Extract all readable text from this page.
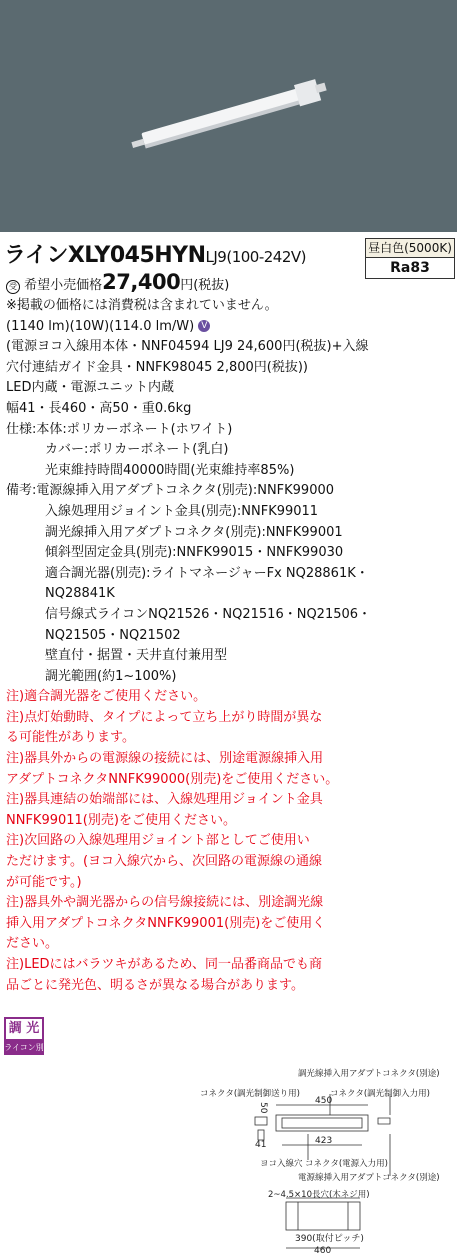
ラインXLY045HYNLJ9(100-242V)	昼白色(5000K)
Ra83
受 希望小売価格27,400円(税抜)
※掲載の価格には消費税は含まれていません。
(1140 lm)(10W)(114.0 lm/W) V
(電源ヨコ入線用本体・NNF04594 LJ9 24,600円(税抜)+入線
穴付連結ガイド金具・NNFK98045 2,800円(税抜))
LED内蔵・電源ユニット内蔵
幅41・長460・高50・重0.6kg
仕様:本体:ポリカーボネート(ホワイト)
　　　カバー:ポリカーボネート(乳白)
　　　光束維持時間40000時間(光束維持率85%)
備考:電源線挿入用アダプトコネクタ(別売):NNFK99000
　　　入線処理用ジョイント金具(別売):NNFK99011
　　　調光線挿入用アダプトコネクタ(別売):NNFK99001
　　　傾斜型固定金具(別売):NNFK99015・NNFK99030
　　　適合調光器(別売):ライトマネージャーFx NQ28861K・
　　　NQ28841K
　　　信号線式ライコンNQ21526・NQ21516・NQ21506・
　　　NQ21505・NQ21502
　　　壁直付・据置・天井直付兼用型
　　　調光範囲(約1~100%)
注)適合調光器をご使用ください。
注)点灯始動時、タイプによって立ち上がり時間が異な
る可能性があります。
注)器具外からの電源線の接続には、別途電源線挿入用
アダプトコネクタNNFK99000(別売)をご使用ください。
注)器具連結の始端部には、入線処理用ジョイント金具
NNFK99011(別売)をご使用ください。
注)次回路の入線処理用ジョイント部としてご使用い
ただけます。(ヨコ入線穴から、次回路の電源線の通線
が可能です。)
注)器具外や調光器からの信号線接続には、別途調光線
挿入用アダプトコネクタNNFK99001(別売)をご使用く
ださい。
注)LEDにはバラツキがあるため、同一品番商品でも商
品ごとに発光色、明るさが異なる場合があります。
調 光
ライコン別売
調光線挿入用アダプトコネクタ(別途)
コネクタ(調光制御送り用)	コネクタ(調光制御入力用)
450
50
41	423
ヨコ入線穴 コネクタ(電源入力用)
電源線挿入用アダプトコネクタ(別途)
2~4.5×10長穴(木ネジ用)
390(取付ピッチ)
460
